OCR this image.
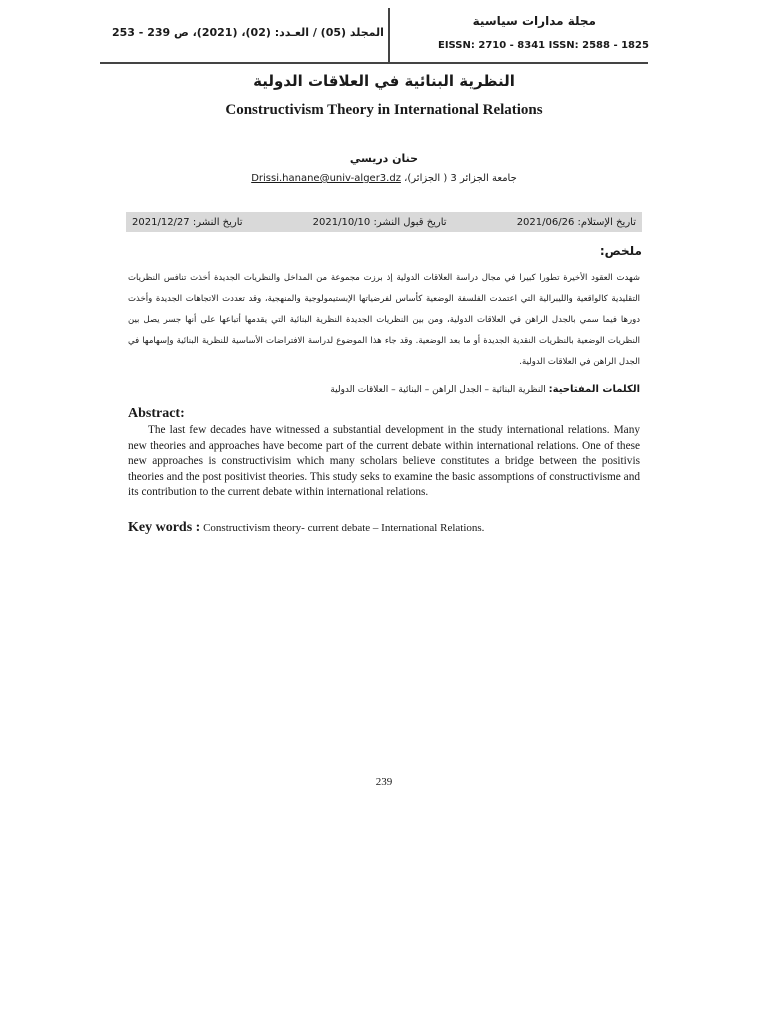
مجلة مدارات سياسية
EISSN: 2710 - 8341 ISSN: 2588 - 1825
المجلد (05) / العـدد: (02)، (2021)، ص 239 - 253
النظرية البنائية في العلاقات الدولية
Constructivism Theory in International Relations
حنان دريسي
Drissi.hanane@univ-alger3.dz جامعة الجزائر 3 ( الجزائر)،
تاريخ الإستلام: 2021/06/26
تاريخ قبول النشر: 2021/10/10
تاريخ النشر: 2021/12/27
ملخص:
شهدت العقود الأخيرة تطورا كبيرا في مجال دراسة العلاقات الدولية إذ برزت مجموعة من المداخل والنظريات الجديدة أخذت تنافس النظريات التقليدية كالواقعية والليبرالية التي اعتمدت الفلسفة الوضعية كأساس لفرضياتها الإبستيمولوجية والمنهجية، وقد تعددت الاتجاهات الجديدة وأخذت دورها فيما سمي بالجدل الراهن في العلاقات الدولية، ومن بين النظريات الجديدة النظرية البنائية التي يقدمها أتباعها على أنها جسر يصل بين النظريات الوضعية بالنظريات النقدية الجديدة أو ما بعد الوضعية. وقد جاء هذا الموضوع لدراسة الافتراضات الأساسية للنظرية البنائية وإسهامها في الجدل الراهن في العلاقات الدولية.
الكلمات المفتاحية: النظرية البنائية – الجدل الراهن – البنائية – العلاقات الدولية
Abstract:
The last few decades have witnessed a substantial development in the study international relations. Many new theories and approaches have become part of the current debate within international relations. One of these new approaches is constructivisim which many scholars believe constitutes a bridge between the positivis theories and the post positivist theories. This study seks to examine the basic assomptions of constructivisme and its contribution to the current debate within international relations.
Key words : Constructivism theory- current debate – International Relations.
239
